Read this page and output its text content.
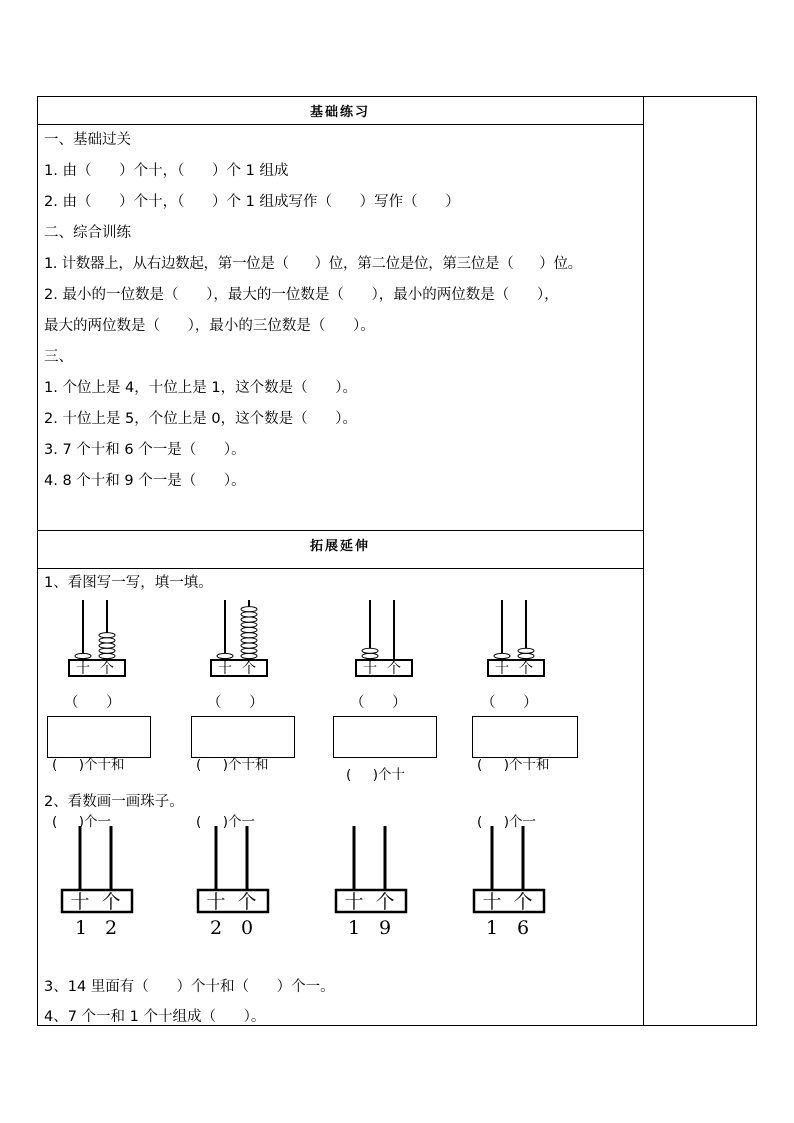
基础练习
一、基础过关
1. 由（      ）个十，（      ）个 1 组成
2. 由（      ）个十，（      ）个 1 组成写作（      ）写作（      ）
二、综合训练
1. 计数器上，从右边数起，第一位是（      ）位，第二位是位，第三位是（      ）位。
2. 最小的一位数是（      ），最大的一位数是（      ），最小的两位数是（      ），
最大的两位数是（      ），最小的三位数是（      ）。
三、
1. 个位上是 4，十位上是 1，这个数是（      ）。
2. 十位上是 5，个位上是 0，这个数是（      ）。
3. 7 个十和 6 个一是（      ）。
4. 8 个十和 9 个一是（      ）。
拓展延伸
1、看图写一写，填一填。
十 个	十 个	十 个	十 个
（      ）	（      ）	（      ）	（      ）

(     )个十和

(     )个一

(     )个十和

(     )个一

(     )个十

(     )个十和

(     )个一

2、看数画一画珠子。
十 个	十 个	十 个	十 个
1 2	2 0	1 9	1 6
3、14 里面有（      ）个十和（      ）个一。
4、7 个一和 1 个十组成（      ）。
